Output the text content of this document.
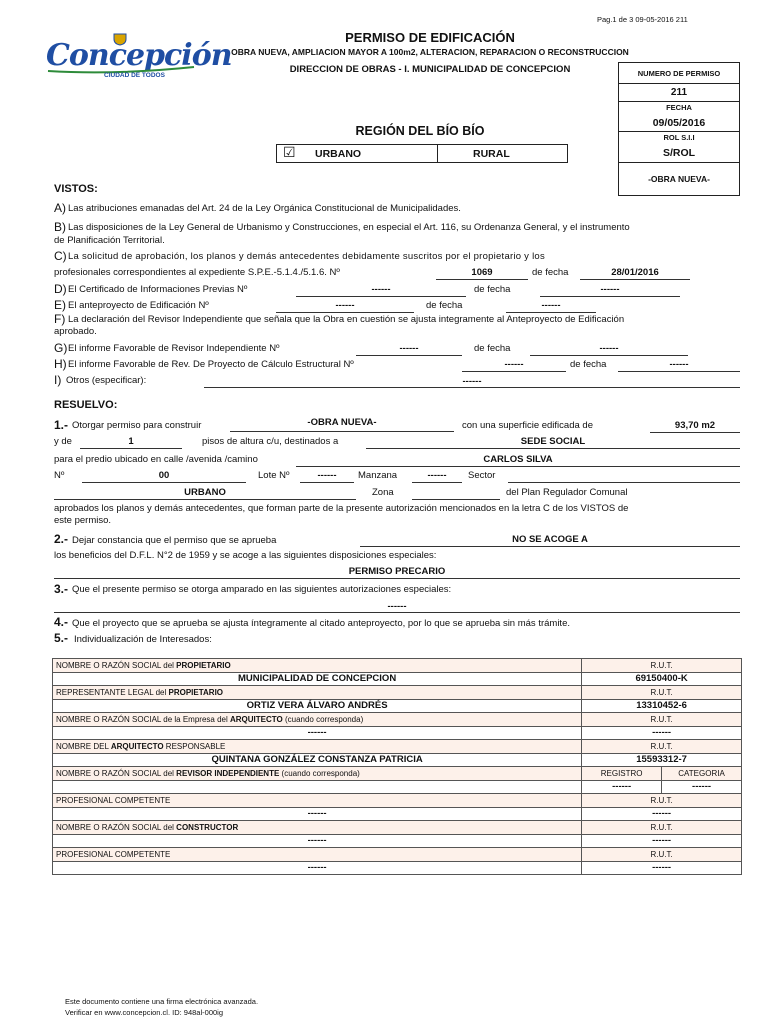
Pag.1 de 3 09-05-2016 211
Concepción
CIUDAD DE TODOS
PERMISO DE EDIFICACIÓN
OBRA NUEVA, AMPLIACION MAYOR A 100m2, ALTERACION, REPARACION O RECONSTRUCCION
DIRECCION DE OBRAS - I. MUNICIPALIDAD DE CONCEPCION
REGIÓN DEL BÍO BÍO
☑ URBANO	RURAL
NUMERO DE PERMISO
211
FECHA
09/05/2016
ROL S.I.I
S/ROL
-OBRA NUEVA-
VISTOS:
A) Las atribuciones emanadas del Art. 24 de la Ley Orgánica Constitucional de Municipalidades.
B) Las disposiciones de la Ley General de Urbanismo y Construcciones, en especial el Art. 116, su Ordenanza General, y el instrumento
de Planificación Territorial.
C) La solicitud de aprobación, los planos y demás antecedentes debidamente suscritos por el propietario y los
profesionales correspondientes al expediente S.P.E.-5.1.4./5.1.6. Nº	1069	de fecha	28/01/2016
D) El Certificado de Informaciones Previas Nº	------	de fecha	------
E) El anteproyecto de Edificación Nº	------	de fecha	------
F) La declaración del Revisor Independiente que señala que la Obra en cuestión se ajusta integramente al Anteproyecto de Edificación
aprobado.
G) El informe Favorable de Revisor Independiente Nº	------	de fecha	------
H) El informe Favorable de Rev. De Proyecto de Cálculo Estructural Nº	------	de fecha	------
I) Otros (especificar):	------
RESUELVO:
1.- Otorgar permiso para construir	-OBRA NUEVA-	con una superficie edificada de	93,70 m2
y de	1	pisos de altura c/u, destinados a	SEDE SOCIAL
para el predio ubicado en calle /avenida /camino	CARLOS SILVA
Nº	00	Lote Nº	------	Manzana	------	Sector
URBANO	Zona	del Plan Regulador Comunal
aprobados los planos y demás antecedentes, que forman parte de la presente autorización mencionados en la letra C de los VISTOS de
este permiso.
2.- Dejar constancia que el permiso que se aprueba	NO SE ACOGE A
los beneficios del D.F.L. N°2 de 1959 y se acoge a las siguientes disposiciones especiales:
PERMISO PRECARIO
3.- Que el presente permiso se otorga amparado en las siguientes autorizaciones especiales:
------
4.- Que el proyecto que se aprueba se ajusta íntegramente al citado anteproyecto, por lo que se aprueba sin más trámite.
5.- Individualización de Interesados:
NOMBRE O RAZÓN SOCIAL del PROPIETARIO	R.U.T.	
MUNICIPALIDAD DE CONCEPCION	69150400-K	
REPRESENTANTE LEGAL del PROPIETARIO	R.U.T.	
ORTIZ VERA ÁLVARO ANDRÉS	13310452-6	
NOMBRE O RAZÓN SOCIAL de la Empresa del ARQUITECTO (cuando corresponda)	R.U.T.	
------	------	
NOMBRE DEL ARQUITECTO RESPONSABLE	R.U.T.	
QUINTANA GONZÁLEZ CONSTANZA PATRICIA	15593312-7	
NOMBRE O RAZÓN SOCIAL del REVISOR INDEPENDIENTE (cuando corresponda)	REGISTRO	CATEGORIA
	------	------
PROFESIONAL COMPETENTE	R.U.T.	
------	------	
NOMBRE O RAZÓN SOCIAL del CONSTRUCTOR	R.U.T.	
------	------	
PROFESIONAL COMPETENTE	R.U.T.	
------	------	
Este documento contiene una firma electrónica avanzada.
Verificar en www.concepcion.cl. ID: 948al-000ig
